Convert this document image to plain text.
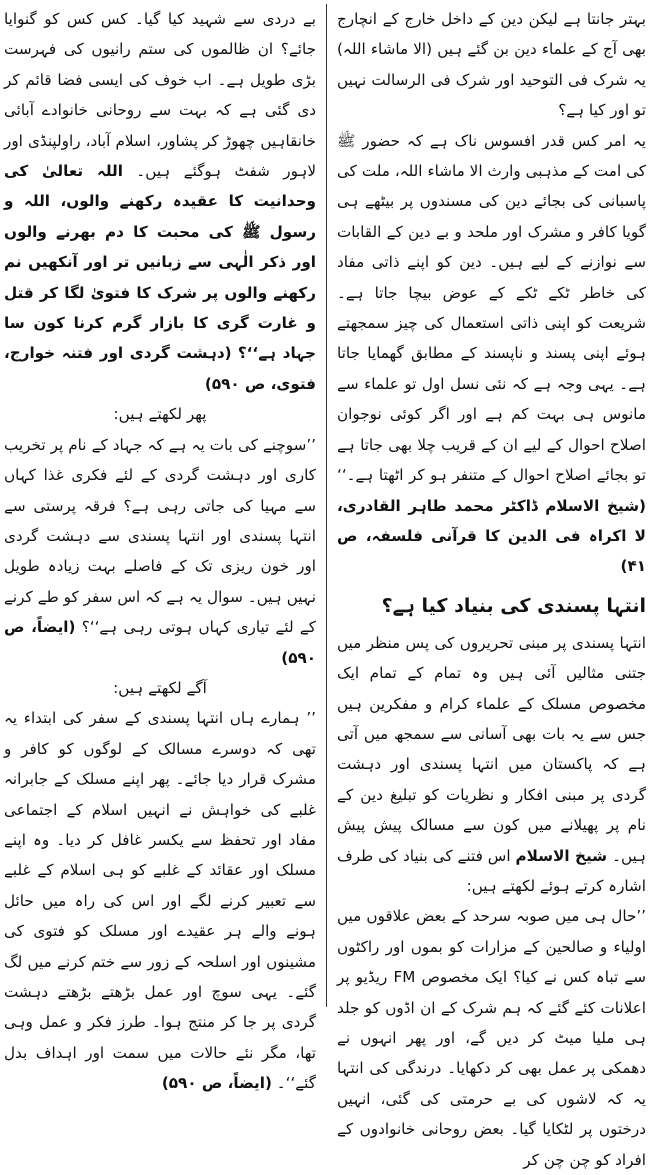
بہتر جانتا ہے لیکن دین کے داخل خارج کے انچارج بھی آج کے علماء دین بن گئے ہیں (الا ماشاء اللہ) یہ شرک فی التوحید اور شرک فی الرسالت نہیں تو اور کیا ہے؟

یہ امر کس قدر افسوس ناک ہے کہ حضور ﷺ کی امت کے مذہبی وارث الا ماشاء اللہ، ملت کی پاسبانی کی بجائے دین کی مسندوں پر بیٹھے ہی گویا کافر و مشرک اور ملحد و بے دین کے القابات سے نوازنے کے لیے ہیں۔ دین کو اپنے ذاتی مفاد کی خاطر ٹکے ٹکے کے عوض بیچا جاتا ہے۔ شریعت کو اپنی ذاتی استعمال کی چیز سمجھتے ہوئے اپنی پسند و ناپسند کے مطابق گھمایا جاتا ہے۔ یہی وجہ ہے کہ نئی نسل اول تو علماء سے مانوس ہی بہت کم ہے اور اگر کوئی نوجوان اصلاح احوال کے لیے ان کے قریب چلا بھی جاتا ہے تو بجائے اصلاح احوال کے متنفر ہو کر اٹھتا ہے۔‘‘ (شیخ الاسلام ڈاکٹر محمد طاہر القادری، لا اکراہ فی الدین کا قرآنی فلسفہ، ص ۴۱)

انتہا پسندی کی بنیاد کیا ہے؟

انتہا پسندی پر مبنی تحریروں کی پس منظر میں جتنی مثالیں آئی ہیں وہ تمام کے تمام ایک مخصوص مسلک کے علماء کرام و مفکرین ہیں جس سے یہ بات بھی آسانی سے سمجھ میں آتی ہے کہ پاکستان میں انتہا پسندی اور دہشت گردی پر مبنی افکار و نظریات کو تبلیغ دین کے نام پر پھیلانے میں کون سے مسالک پیش پیش ہیں۔ شیخ الاسلام اس فتنے کی بنیاد کی طرف اشارہ کرتے ہوئے لکھتے ہیں:

’’حال ہی میں صوبہ سرحد کے بعض علاقوں میں اولیاء و صالحین کے مزارات کو بموں اور راکٹوں سے تباہ کس نے کیا؟ ایک مخصوص FM ریڈیو پر اعلانات کئے گئے کہ ہم شرک کے ان اڈوں کو جلد ہی ملیا میٹ کر دیں گے، اور پھر انہوں نے دھمکی پر عمل بھی کر دکھایا۔ درندگی کی انتہا یہ کہ لاشوں کی بے حرمتی کی گئی، انہیں درختوں پر لٹکایا گیا۔ بعض روحانی خانوادوں کے افراد کو چن چن کر

بے دردی سے شہید کیا گیا۔ کس کس کو گنوایا جائے؟ ان ظالموں کی ستم رانیوں کی فہرست بڑی طویل ہے۔ اب خوف کی ایسی فضا قائم کر دی گئی ہے کہ بہت سے روحانی خانوادے آبائی خانقاہیں چھوڑ کر پشاور، اسلام آباد، راولپنڈی اور لاہور شفٹ ہوگئے ہیں۔ اللہ تعالیٰ کی وحدانیت کا عقیدہ رکھنے والوں، اللہ و رسول ﷺ کی محبت کا دم بھرنے والوں اور ذکر الٰہی سے زبانیں تر اور آنکھیں نم رکھنے والوں پر شرک کا فتویٰ لگا کر قتل و غارت گری کا بازار گرم کرنا کون سا جہاد ہے‘‘؟ (دہشت گردی اور فتنہ خوارج، فتوی، ص ۵۹۰)

پھر لکھتے ہیں:

’’سوچنے کی بات یہ ہے کہ جہاد کے نام پر تخریب کاری اور دہشت گردی کے لئے فکری غذا کہاں سے مہیا کی جاتی رہی ہے؟ فرقہ پرستی سے انتہا پسندی اور انتہا پسندی سے دہشت گردی اور خون ریزی تک کے فاصلے بہت زیادہ طویل نہیں ہیں۔ سوال یہ ہے کہ اس سفر کو طے کرنے کے لئے تیاری کہاں ہوتی رہی ہے‘‘؟ (ایضاً، ص ۵۹۰)

آگے لکھتے ہیں:

’’ ہمارے ہاں انتہا پسندی کے سفر کی ابتداء یہ تھی کہ دوسرے مسالک کے لوگوں کو کافر و مشرک قرار دیا جائے۔ پھر اپنے مسلک کے جابرانہ غلبے کی خواہش نے انہیں اسلام کے اجتماعی مفاد اور تحفظ سے یکسر غافل کر دیا۔ وہ اپنے مسلک اور عقائد کے غلبے کو ہی اسلام کے غلبے سے تعبیر کرنے لگے اور اس کی راہ میں حائل ہونے والے ہر عقیدے اور مسلک کو فتوی کی مشینوں اور اسلحہ کے زور سے ختم کرنے میں لگ گئے۔ یہی سوچ اور عمل بڑھتے بڑھتے دہشت گردی پر جا کر منتج ہوا۔ طرز فکر و عمل وہی تھا، مگر نئے حالات میں سمت اور اہداف بدل گئے‘‘۔ (ایضاً، ص ۵۹۰)
